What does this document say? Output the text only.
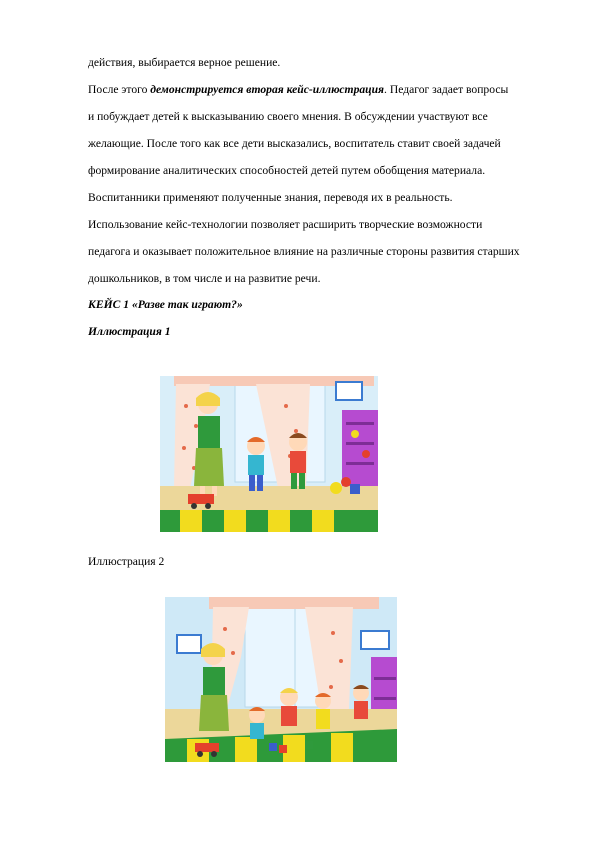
действия, выбирается верное решение.
После этого демонстрируется вторая кейс-иллюстрация. Педагог задает вопросы
и побуждает детей к высказыванию своего мнения. В обсуждении участвуют все
желающие. После того как все дети высказались, воспитатель ставит своей задачей
формирование аналитических способностей детей путем обобщения материала.
Воспитанники применяют полученные знания, переводя их в реальность.
Использование кейс-технологии позволяет расширить творческие возможности
педагога и оказывает положительное влияние на различные стороны развития старших
дошкольников, в том числе и на развитие речи.
КЕЙС 1 «Разве так играют?»
Иллюстрация 1
Иллюстрация 2
